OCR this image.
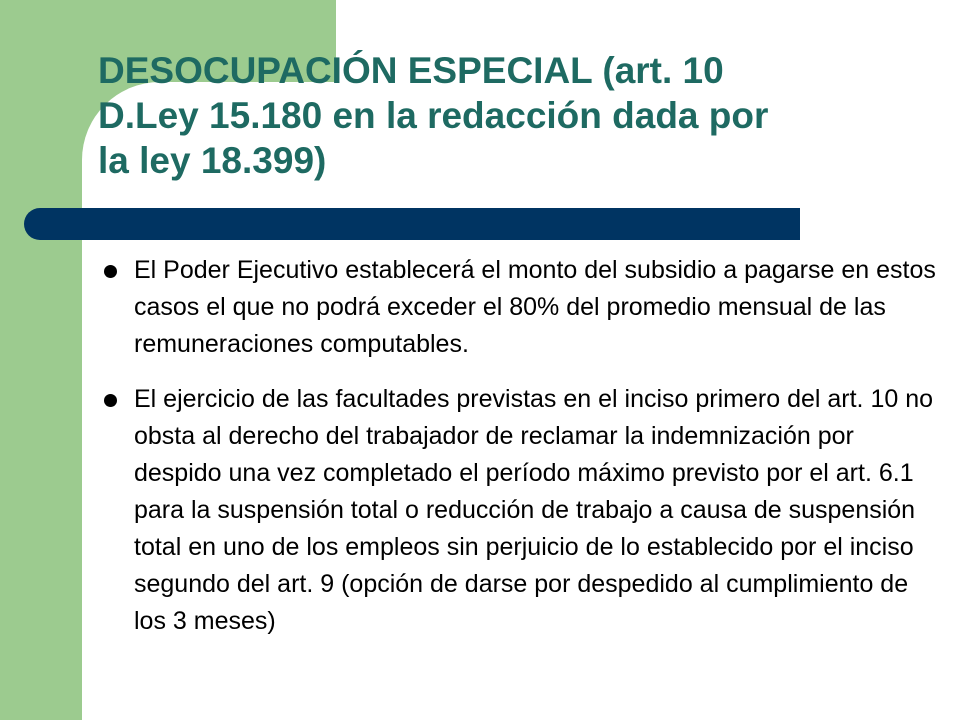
DESOCUPACIÓN ESPECIAL (art. 10
D.Ley 15.180 en la redacción dada por
la ley 18.399)
El Poder Ejecutivo establecerá el monto del subsidio a pagarse en estos casos el que no podrá exceder el 80% del promedio mensual de las remuneraciones computables.
El ejercicio de las facultades previstas en el inciso primero del art. 10 no obsta al derecho del trabajador de reclamar la indemnización por despido una vez completado el período máximo previsto por el art. 6.1 para la suspensión total o reducción de trabajo a causa de suspensión total en uno de los empleos sin perjuicio de lo establecido por el inciso segundo del art. 9 (opción de darse por despedido al cumplimiento de los 3 meses)
